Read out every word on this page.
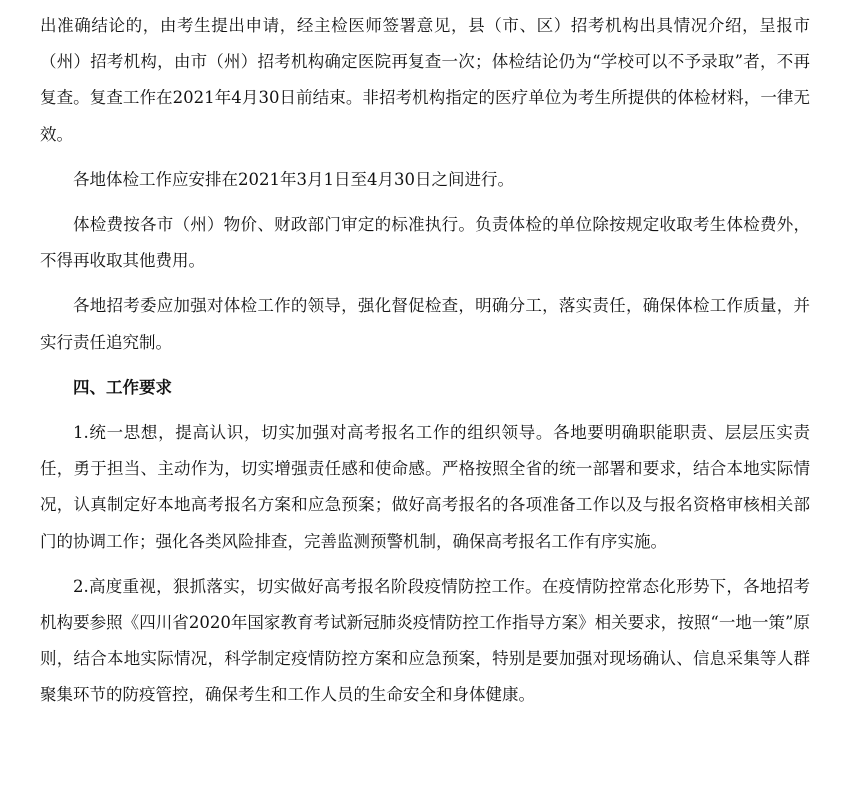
出准确结论的，由考生提出申请，经主检医师签署意见，县（市、区）招考机构出具情况介绍，呈报市（州）招考机构，由市（州）招考机构确定医院再复查一次；体检结论仍为“学校可以不予录取”者，不再复查。复查工作在2021年4月30日前结束。非招考机构指定的医疗单位为考生所提供的体检材料，一律无效。

各地体检工作应安排在2021年3月1日至4月30日之间进行。

体检费按各市（州）物价、财政部门审定的标准执行。负责体检的单位除按规定收取考生体检费外，不得再收取其他费用。

各地招考委应加强对体检工作的领导，强化督促检查，明确分工，落实责任，确保体检工作质量，并实行责任追究制。

四、工作要求

1.统一思想，提高认识，切实加强对高考报名工作的组织领导。各地要明确职能职责、层层压实责任，勇于担当、主动作为，切实增强责任感和使命感。严格按照全省的统一部署和要求，结合本地实际情况，认真制定好本地高考报名方案和应急预案；做好高考报名的各项准备工作以及与报名资格审核相关部门的协调工作；强化各类风险排查，完善监测预警机制，确保高考报名工作有序实施。

2.高度重视，狠抓落实，切实做好高考报名阶段疫情防控工作。在疫情防控常态化形势下，各地招考机构要参照《四川省2020年国家教育考试新冠肺炎疫情防控工作指导方案》相关要求，按照“一地一策”原则，结合本地实际情况，科学制定疫情防控方案和应急预案，特别是要加强对现场确认、信息采集等人群聚集环节的防疫管控，确保考生和工作人员的生命安全和身体健康。
